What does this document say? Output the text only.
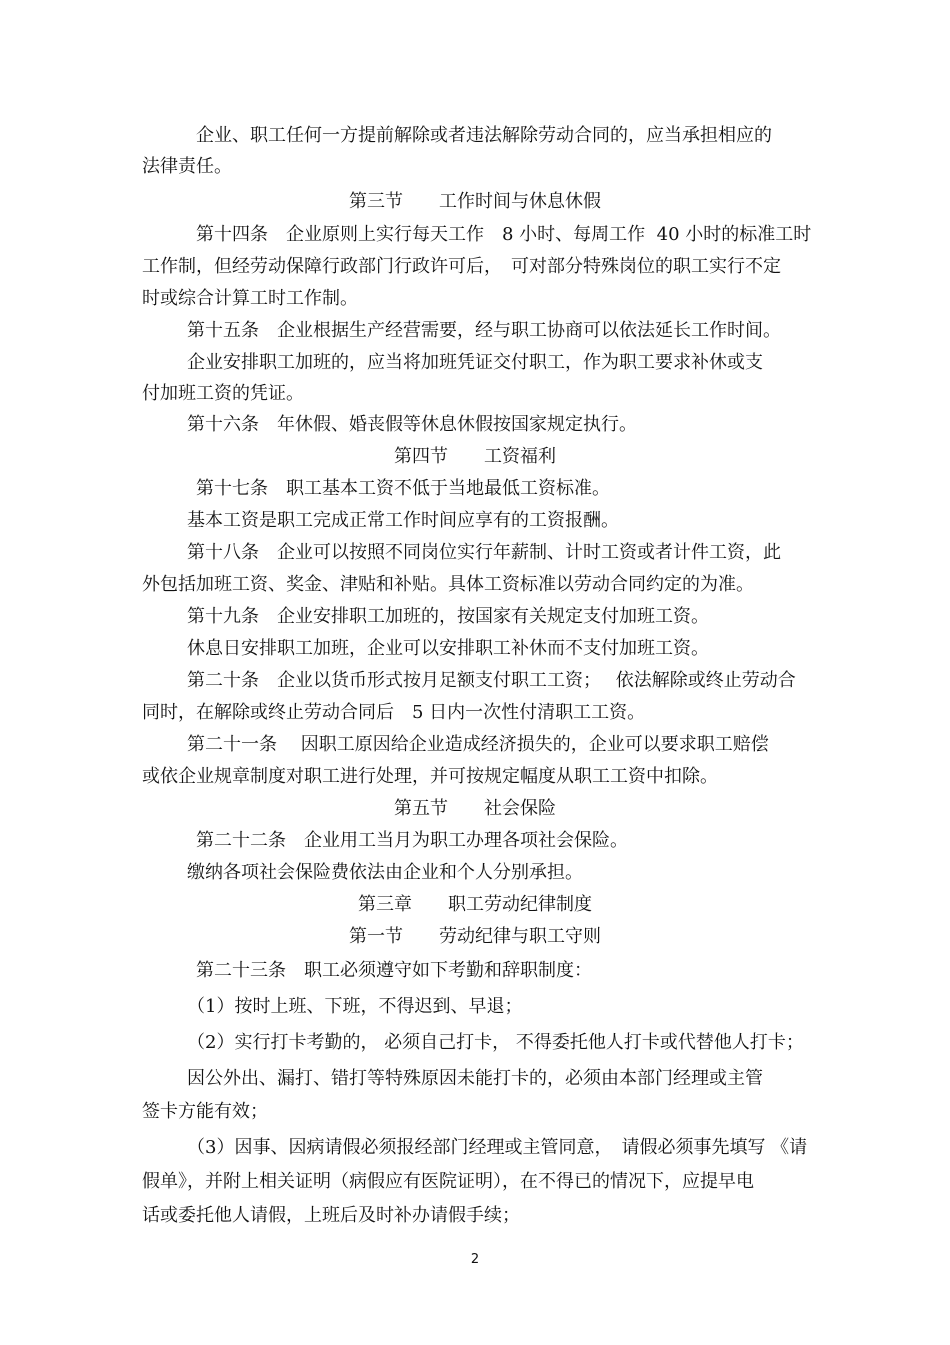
企业、职工任何一方提前解除或者违法解除劳动合同的，应当承担相应的
法律责任。
第三节　　工作时间与休息休假
第十四条　企业原则上实行每天工作　8 小时、每周工作  40 小时的标准工时
工作制，但经劳动保障行政部门行政许可后，　可对部分特殊岗位的职工实行不定
时或综合计算工时工作制。
第十五条　企业根据生产经营需要，经与职工协商可以依法延长工作时间。
企业安排职工加班的，应当将加班凭证交付职工，作为职工要求补休或支
付加班工资的凭证。
第十六条　年休假、婚丧假等休息休假按国家规定执行。
第四节　　工资福利
第十七条　职工基本工资不低于当地最低工资标准。
基本工资是职工完成正常工作时间应享有的工资报酬。
第十八条　企业可以按照不同岗位实行年薪制、计时工资或者计件工资，此
外包括加班工资、奖金、津贴和补贴。具体工资标准以劳动合同约定的为准。
第十九条　企业安排职工加班的，按国家有关规定支付加班工资。
休息日安排职工加班，企业可以安排职工补休而不支付加班工资。
第二十条　企业以货币形式按月足额支付职工工资；　 依法解除或终止劳动合
同时，在解除或终止劳动合同后　5 日内一次性付清职工工资。
第二十一条　 因职工原因给企业造成经济损失的，企业可以要求职工赔偿
或依企业规章制度对职工进行处理，并可按规定幅度从职工工资中扣除。
第五节　　社会保险
第二十二条　企业用工当月为职工办理各项社会保险。
缴纳各项社会保险费依法由企业和个人分别承担。
第三章　　职工劳动纪律制度
第一节　　劳动纪律与职工守则
第二十三条　职工必须遵守如下考勤和辞职制度：
（1）按时上班、下班，不得迟到、早退；
（2）实行打卡考勤的， 必须自己打卡， 不得委托他人打卡或代替他人打卡；
因公外出、漏打、错打等特殊原因未能打卡的，必须由本部门经理或主管
签卡方能有效；
（3）因事、因病请假必须报经部门经理或主管同意，　请假必须事先填写 《请
假单》，并附上相关证明（病假应有医院证明），在不得已的情况下，应提早电
话或委托他人请假，上班后及时补办请假手续；
2
